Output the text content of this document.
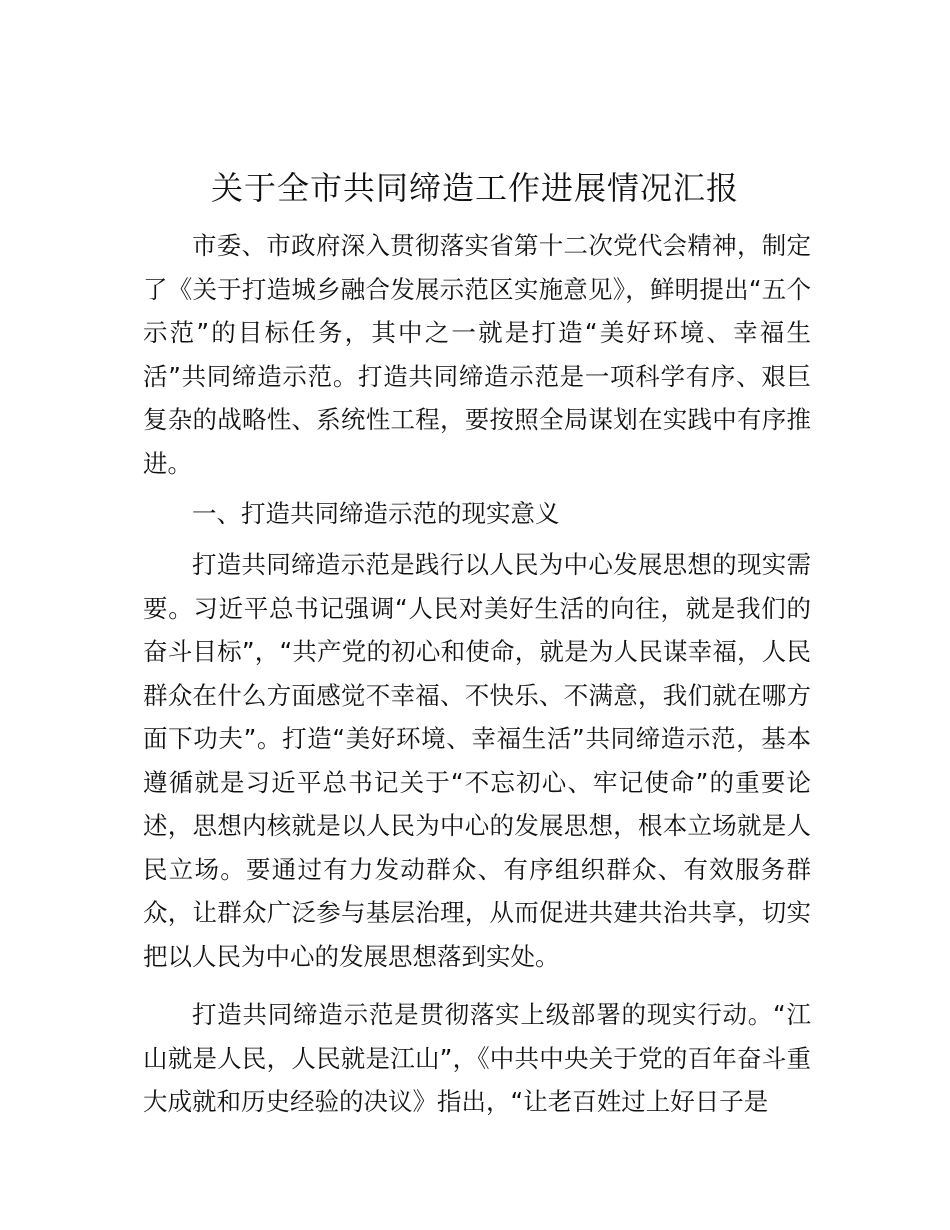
关于全市共同缔造工作进展情况汇报

市委、市政府深入贯彻落实省第十二次党代会精神，制定了《关于打造城乡融合发展示范区实施意见》，鲜明提出“五个示范”的目标任务，其中之一就是打造“美好环境、幸福生活”共同缔造示范。打造共同缔造示范是一项科学有序、艰巨复杂的战略性、系统性工程，要按照全局谋划在实践中有序推进。

一、打造共同缔造示范的现实意义

打造共同缔造示范是践行以人民为中心发展思想的现实需要。习近平总书记强调“人民对美好生活的向往，就是我们的奋斗目标”，“共产党的初心和使命，就是为人民谋幸福，人民群众在什么方面感觉不幸福、不快乐、不满意，我们就在哪方面下功夫”。打造“美好环境、幸福生活”共同缔造示范，基本遵循就是习近平总书记关于“不忘初心、牢记使命”的重要论述，思想内核就是以人民为中心的发展思想，根本立场就是人民立场。要通过有力发动群众、有序组织群众、有效服务群众，让群众广泛参与基层治理，从而促进共建共治共享，切实把以人民为中心的发展思想落到实处。

打造共同缔造示范是贯彻落实上级部署的现实行动。“江山就是人民，人民就是江山”，《中共中央关于党的百年奋斗重大成就和历史经验的决议》指出，“让老百姓过上好日子是
